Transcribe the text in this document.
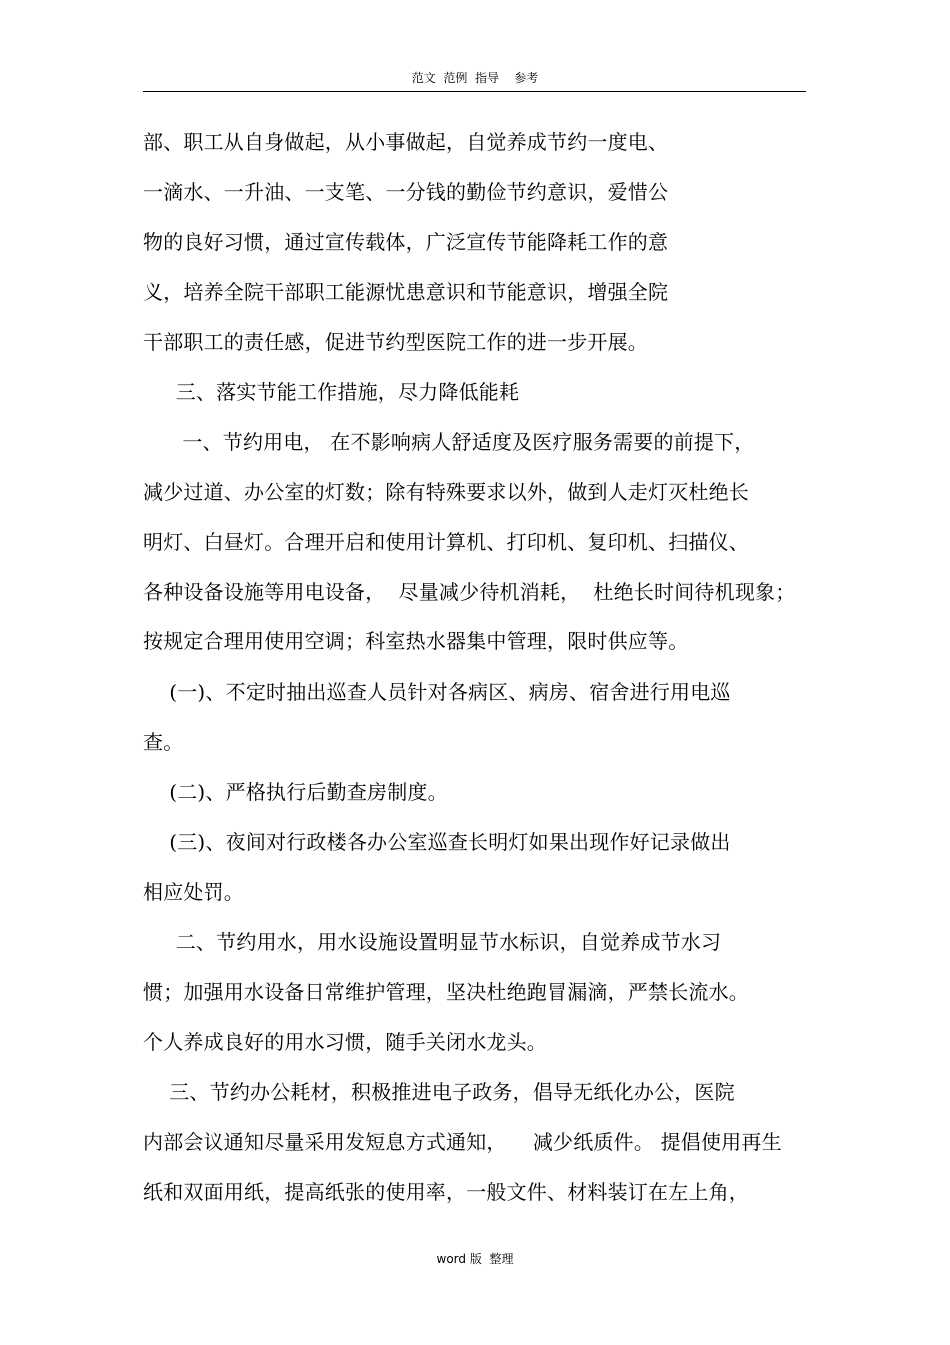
范文  范例  指导    参考
部、职工从自身做起，从小事做起，自觉养成节约一度电、
一滴水、一升油、一支笔、一分钱的勤俭节约意识，爱惜公
物的良好习惯，通过宣传载体，广泛宣传节能降耗工作的意
义，培养全院干部职工能源忧患意识和节能意识，增强全院
干部职工的责任感，促进节约型医院工作的进一步开展。
三、落实节能工作措施，尽力降低能耗
一、节约用电， 在不影响病人舒适度及医疗服务需要的前提下，
减少过道、办公室的灯数；除有特殊要求以外，做到人走灯灭杜绝长
明灯、白昼灯。合理开启和使用计算机、打印机、复印机、扫描仪、
各种设备设施等用电设备，  尽量减少待机消耗，  杜绝长时间待机现象；
按规定合理用使用空调；科室热水器集中管理，限时供应等。
(一)、不定时抽出巡查人员针对各病区、病房、宿舍进行用电巡
查。
(二)、严格执行后勤查房制度。
(三)、夜间对行政楼各办公室巡查长明灯如果出现作好记录做出
相应处罚。
二、节约用水，用水设施设置明显节水标识，自觉养成节水习
惯；加强用水设备日常维护管理，坚决杜绝跑冒漏滴，严禁长流水。
个人养成良好的用水习惯，随手关闭水龙头。
三、节约办公耗材，积极推进电子政务，倡导无纸化办公，医院
内部会议通知尽量采用发短息方式通知，    减少纸质件。 提倡使用再生
纸和双面用纸，提高纸张的使用率，一般文件、材料装订在左上角，
word 版  整理
